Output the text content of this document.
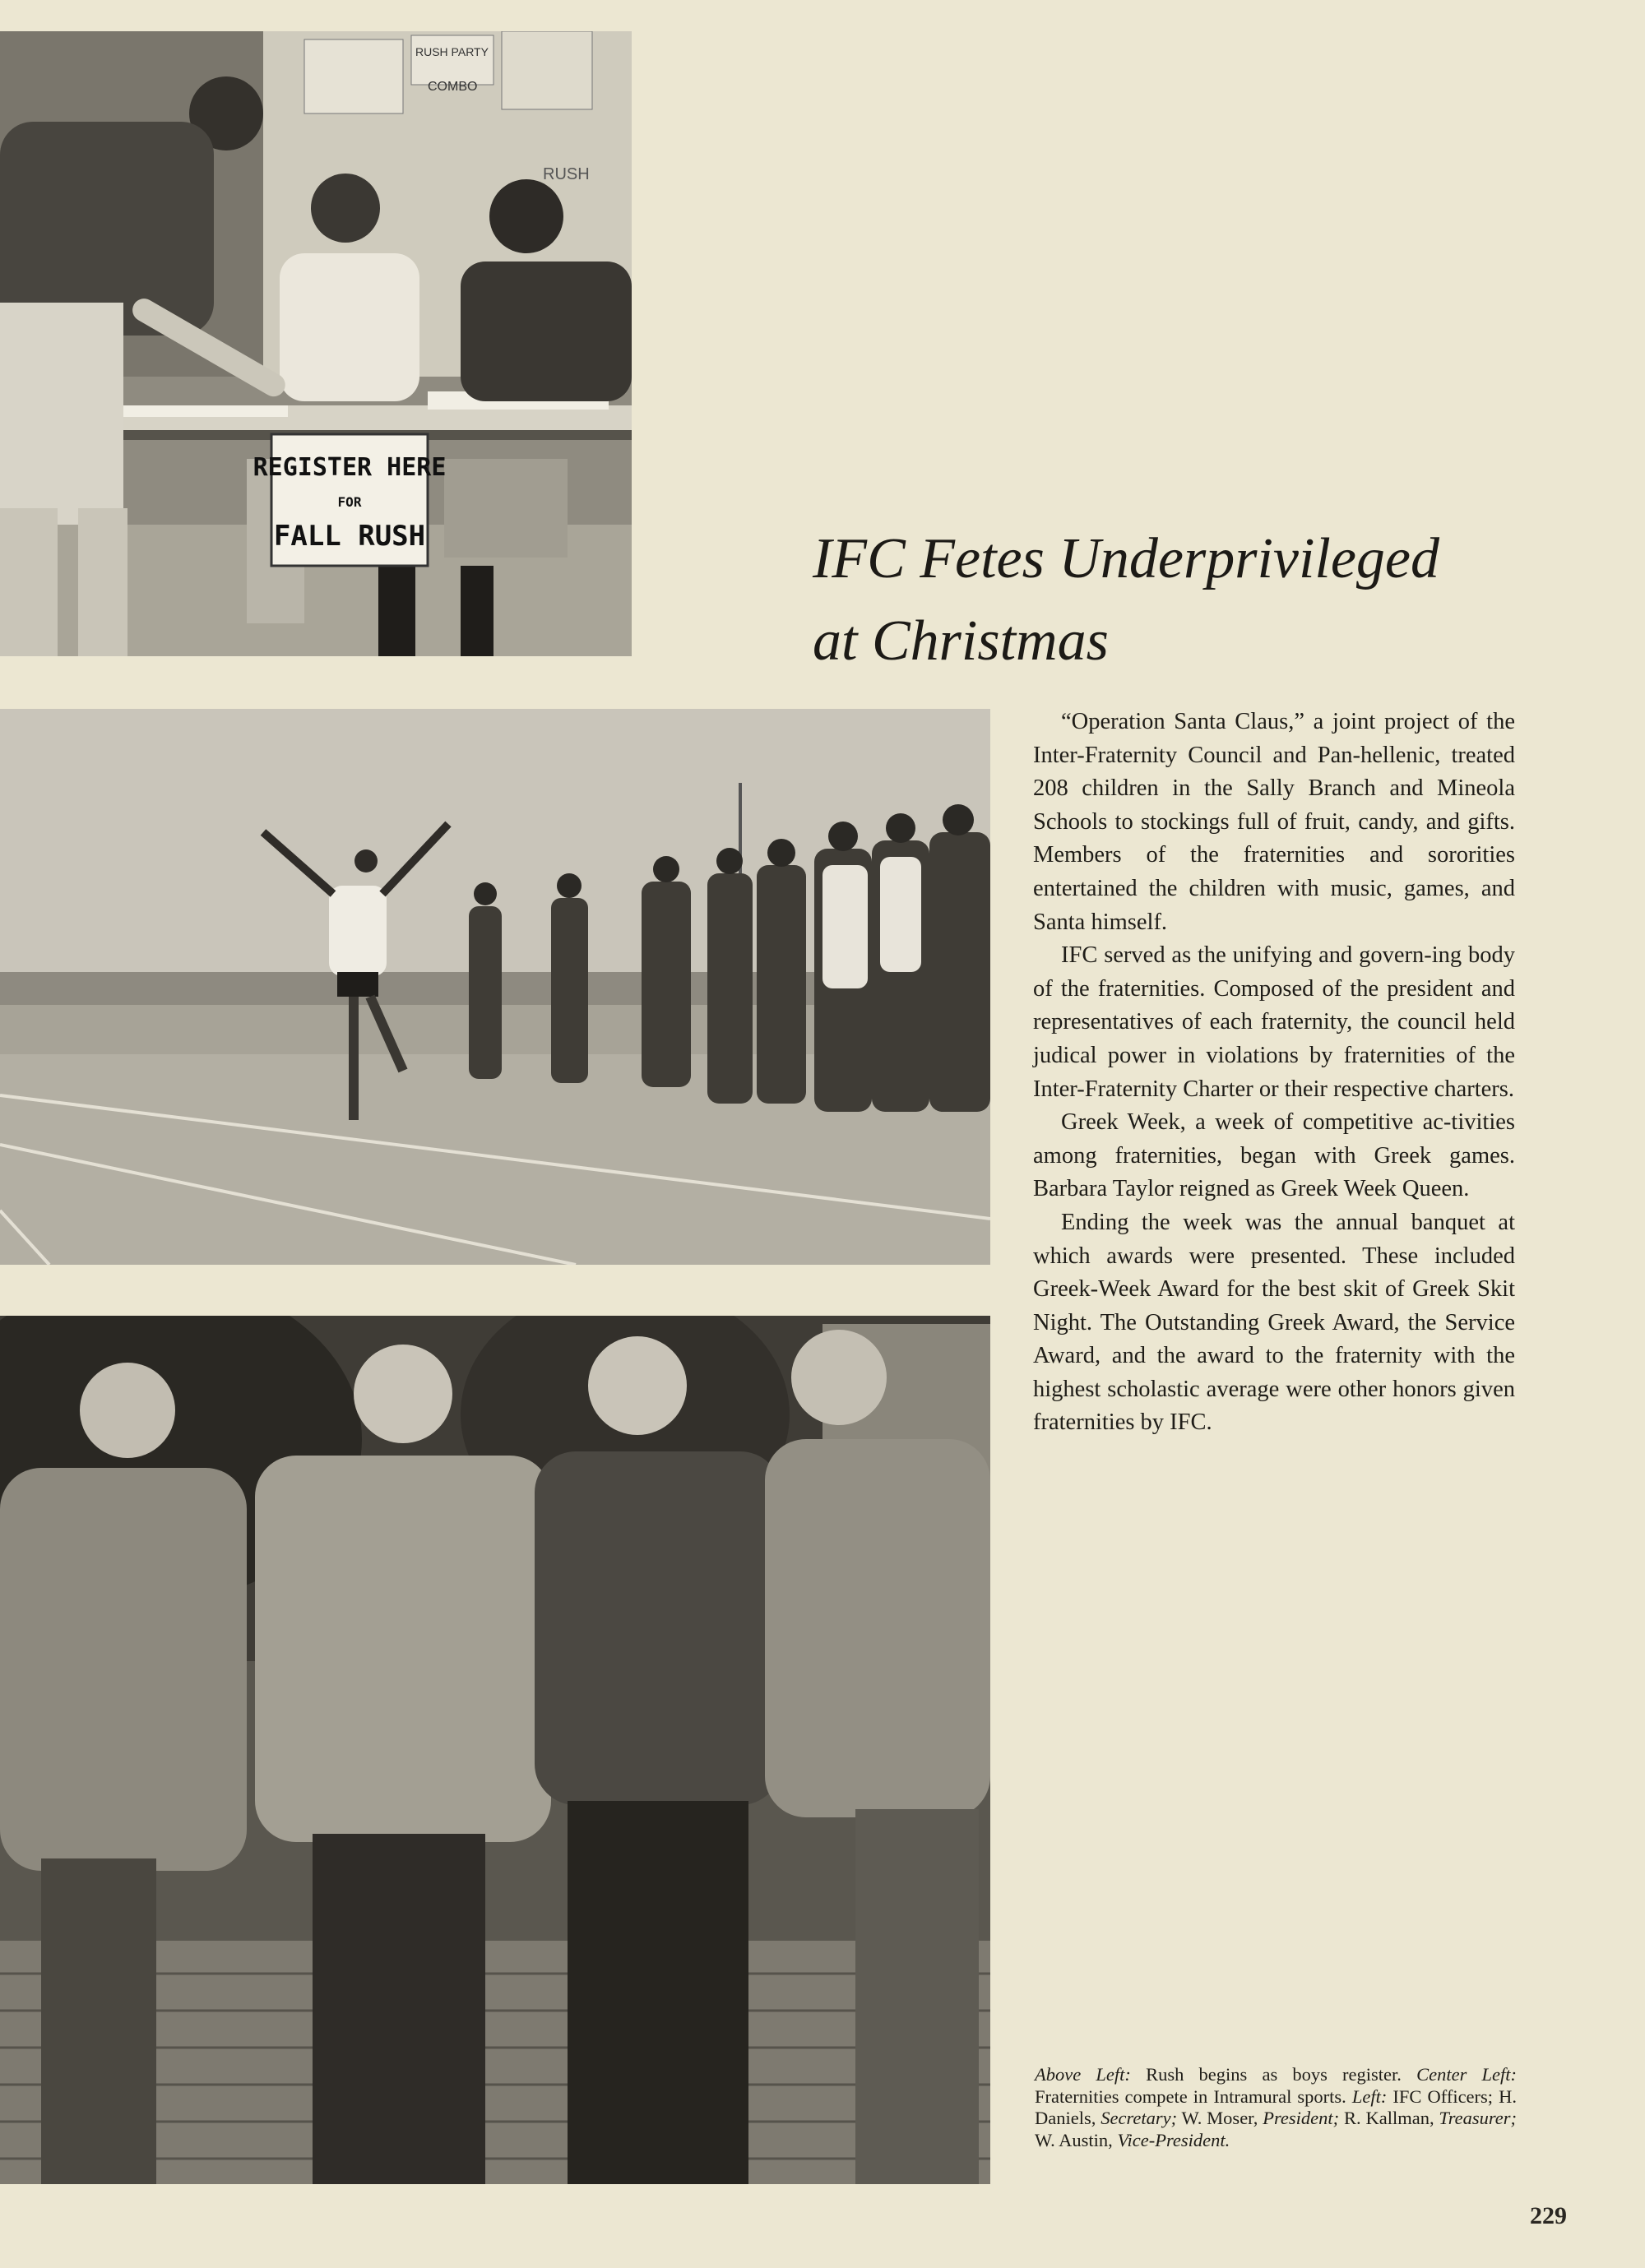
RUSH PARTY
COMBO
RUSH
REGISTER HERE
FOR
FALL RUSH	IFC Fetes Underprivileged
at Christmas

“Operation Santa Claus,” a joint project of the Inter-Fraternity Council and Pan-hellenic, treated 208 children in the Sally Branch and Mineola Schools to stockings full of fruit, candy, and gifts. Members of the fraternities and sororities entertained the children with music, games, and Santa himself.

IFC served as the unifying and govern-ing body of the fraternities. Composed of the president and representatives of each fraternity, the council held judical power in violations by fraternities of the Inter-Fraternity Charter or their respective charters.

Greek Week, a week of competitive ac-tivities among fraternities, began with Greek games. Barbara Taylor reigned as Greek Week Queen.

Ending the week was the annual banquet at which awards were presented. These included Greek-Week Award for the best skit of Greek Skit Night. The Outstanding Greek Award, the Service Award, and the award to the fraternity with the highest scholastic average were other honors given fraternities by IFC.

Above Left: Rush begins as boys register. Center Left: Fraternities compete in Intramural sports. Left: IFC Officers; H. Daniels, Secretary; W. Moser, President; R. Kallman, Treasurer; W. Austin, Vice-President.
229
